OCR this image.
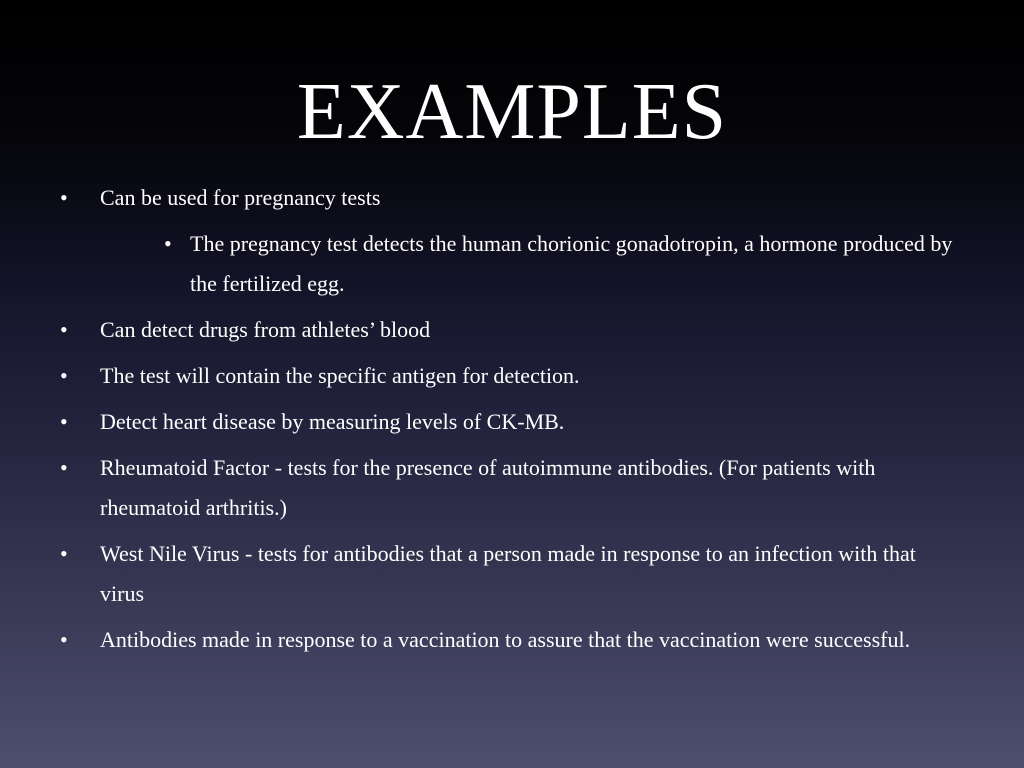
EXAMPLES
• Can be used for pregnancy tests
• The pregnancy test detects the human chorionic gonadotropin, a hormone produced by the fertilized egg.
• Can detect drugs from athletes’ blood
• The test will contain the specific antigen for detection.
• Detect heart disease by measuring levels of CK-MB.
• Rheumatoid Factor - tests for the presence of autoimmune antibodies. (For patients with rheumatoid arthritis.)
• West Nile Virus - tests for antibodies that a person made in response to an infection with that virus
• Antibodies made in response to a vaccination to assure that the vaccination were successful.
